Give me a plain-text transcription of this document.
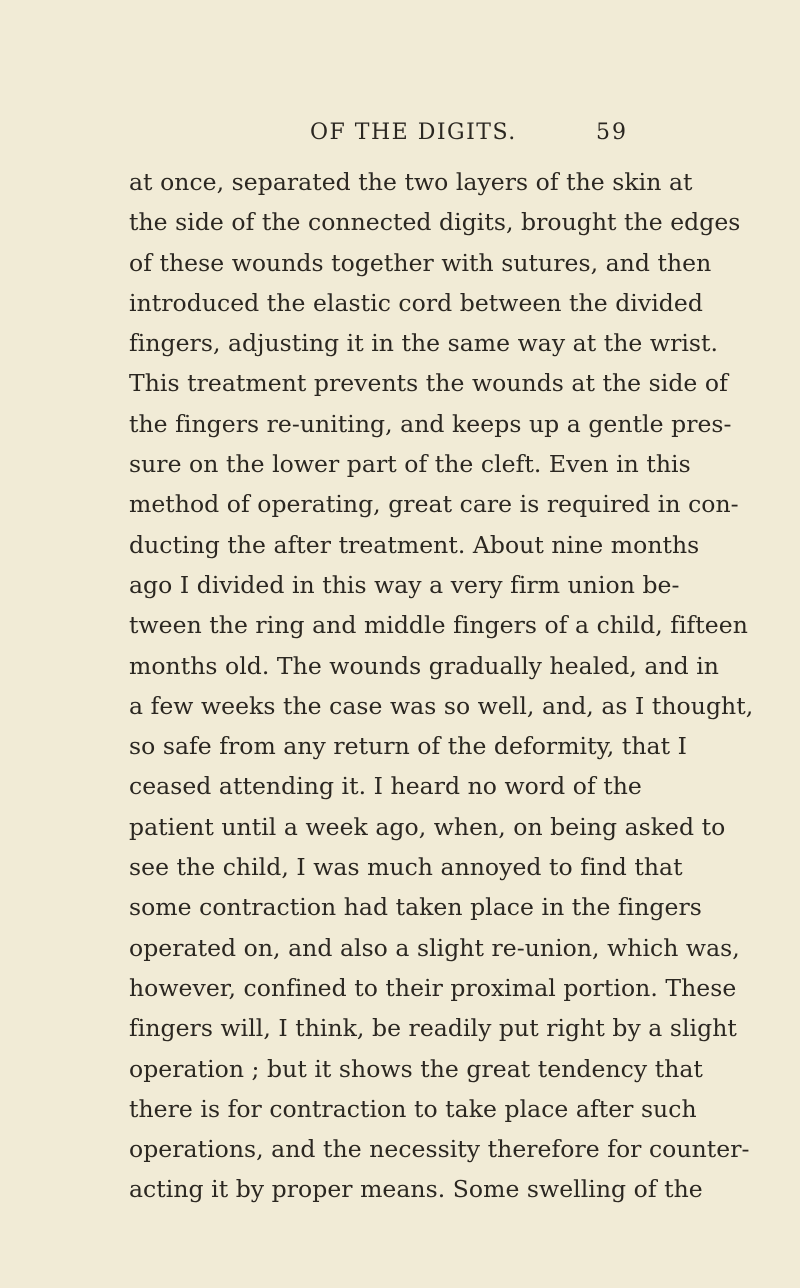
OF THE DIGITS.	59
at once, separated the two layers of the skin at
the side of the connected digits, brought the edges
of these wounds together with sutures, and then
introduced the elastic cord between the divided
fingers, adjusting it in the same way at the wrist.
This treatment prevents the wounds at the side of
the fingers re-uniting, and keeps up a gentle pres-
sure on the lower part of the cleft. Even in this
method of operating, great care is required in con-
ducting the after treatment. About nine months
ago I divided in this way a very firm union be-
tween the ring and middle fingers of a child, fifteen
months old. The wounds gradually healed, and in
a few weeks the case was so well, and, as I thought,
so safe from any return of the deformity, that I
ceased attending it. I heard no word of the
patient until a week ago, when, on being asked to
see the child, I was much annoyed to find that
some contraction had taken place in the fingers
operated on, and also a slight re-union, which was,
however, confined to their proximal portion. These
fingers will, I think, be readily put right by a slight
operation ; but it shows the great tendency that
there is for contraction to take place after such
operations, and the necessity therefore for counter-
acting it by proper means. Some swelling of the
